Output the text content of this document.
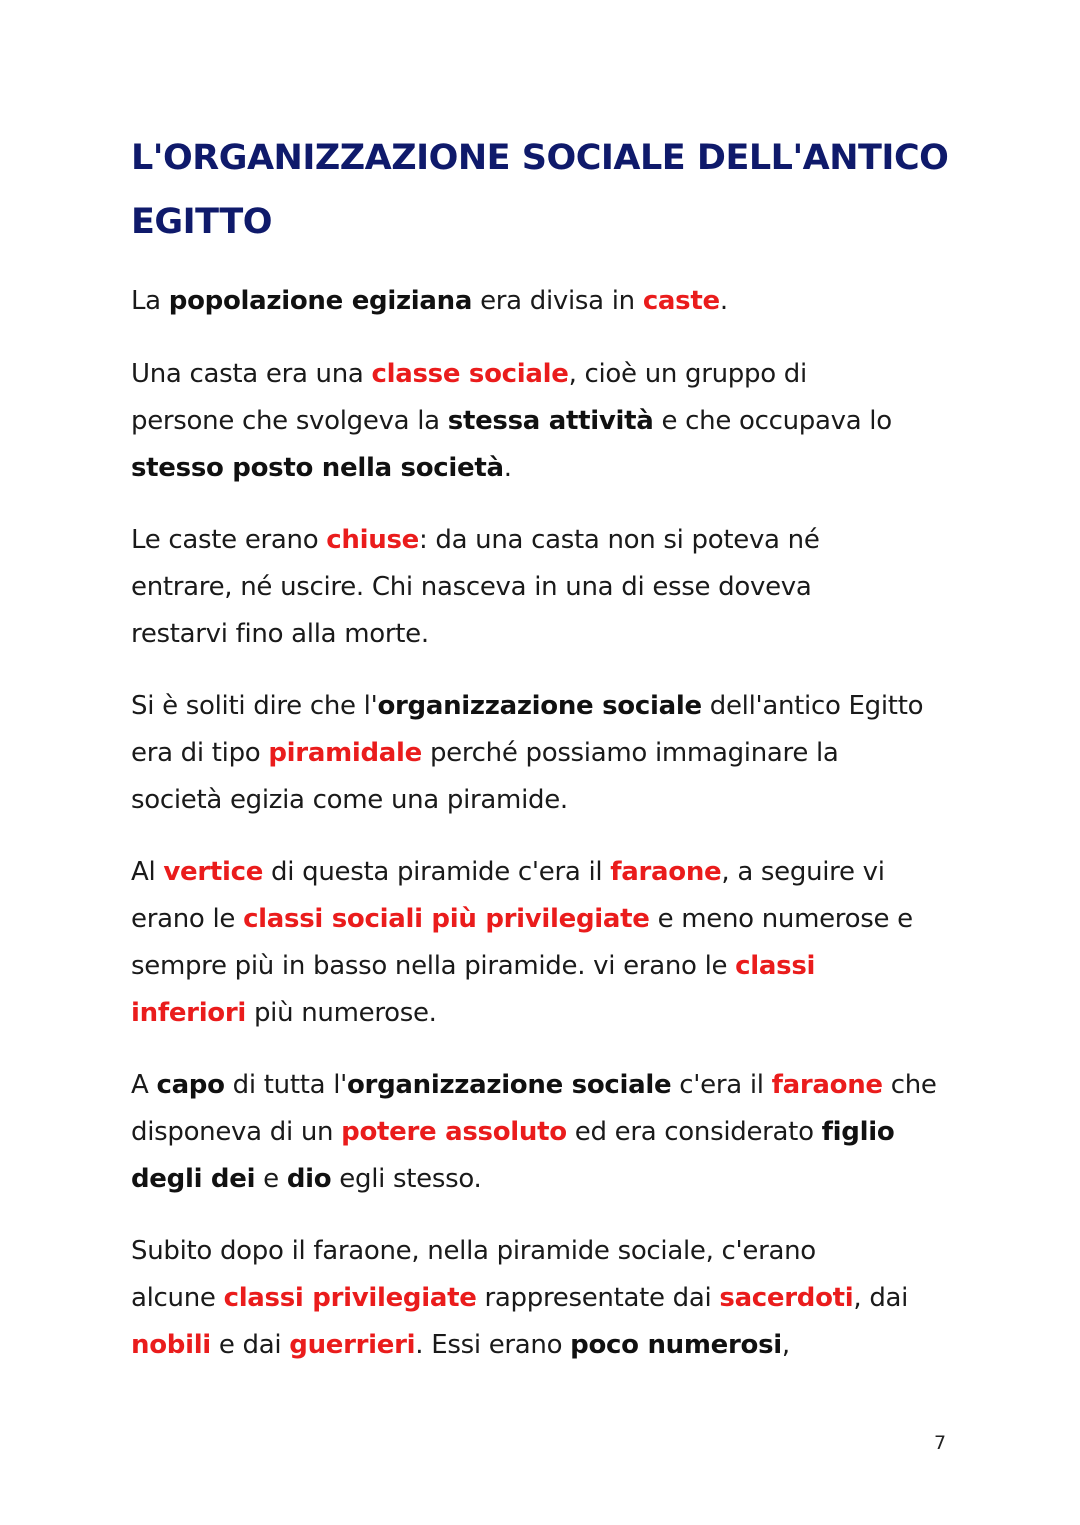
L'ORGANIZZAZIONE SOCIALE DELL'ANTICO
EGITTO

La popolazione egiziana era divisa in caste.

Una casta era una classe sociale, cioè un gruppo di
persone che svolgeva la stessa attività e che occupava lo
stesso posto nella società.

Le caste erano chiuse: da una casta non si poteva né
entrare, né uscire. Chi nasceva in una di esse doveva
restarvi fino alla morte.

Si è soliti dire che l'organizzazione sociale dell'antico Egitto
era di tipo piramidale perché possiamo immaginare la
società egizia come una piramide.

Al vertice di questa piramide c'era il faraone, a seguire vi
erano le classi sociali più privilegiate e meno numerose e
sempre più in basso nella piramide. vi erano le classi
inferiori più numerose.

A capo di tutta l'organizzazione sociale c'era il faraone che
disponeva di un potere assoluto ed era considerato figlio
degli dei e dio egli stesso.

Subito dopo il faraone, nella piramide sociale, c'erano
alcune classi privilegiate rappresentate dai sacerdoti, dai
nobili e dai guerrieri. Essi erano poco numerosi,

7
